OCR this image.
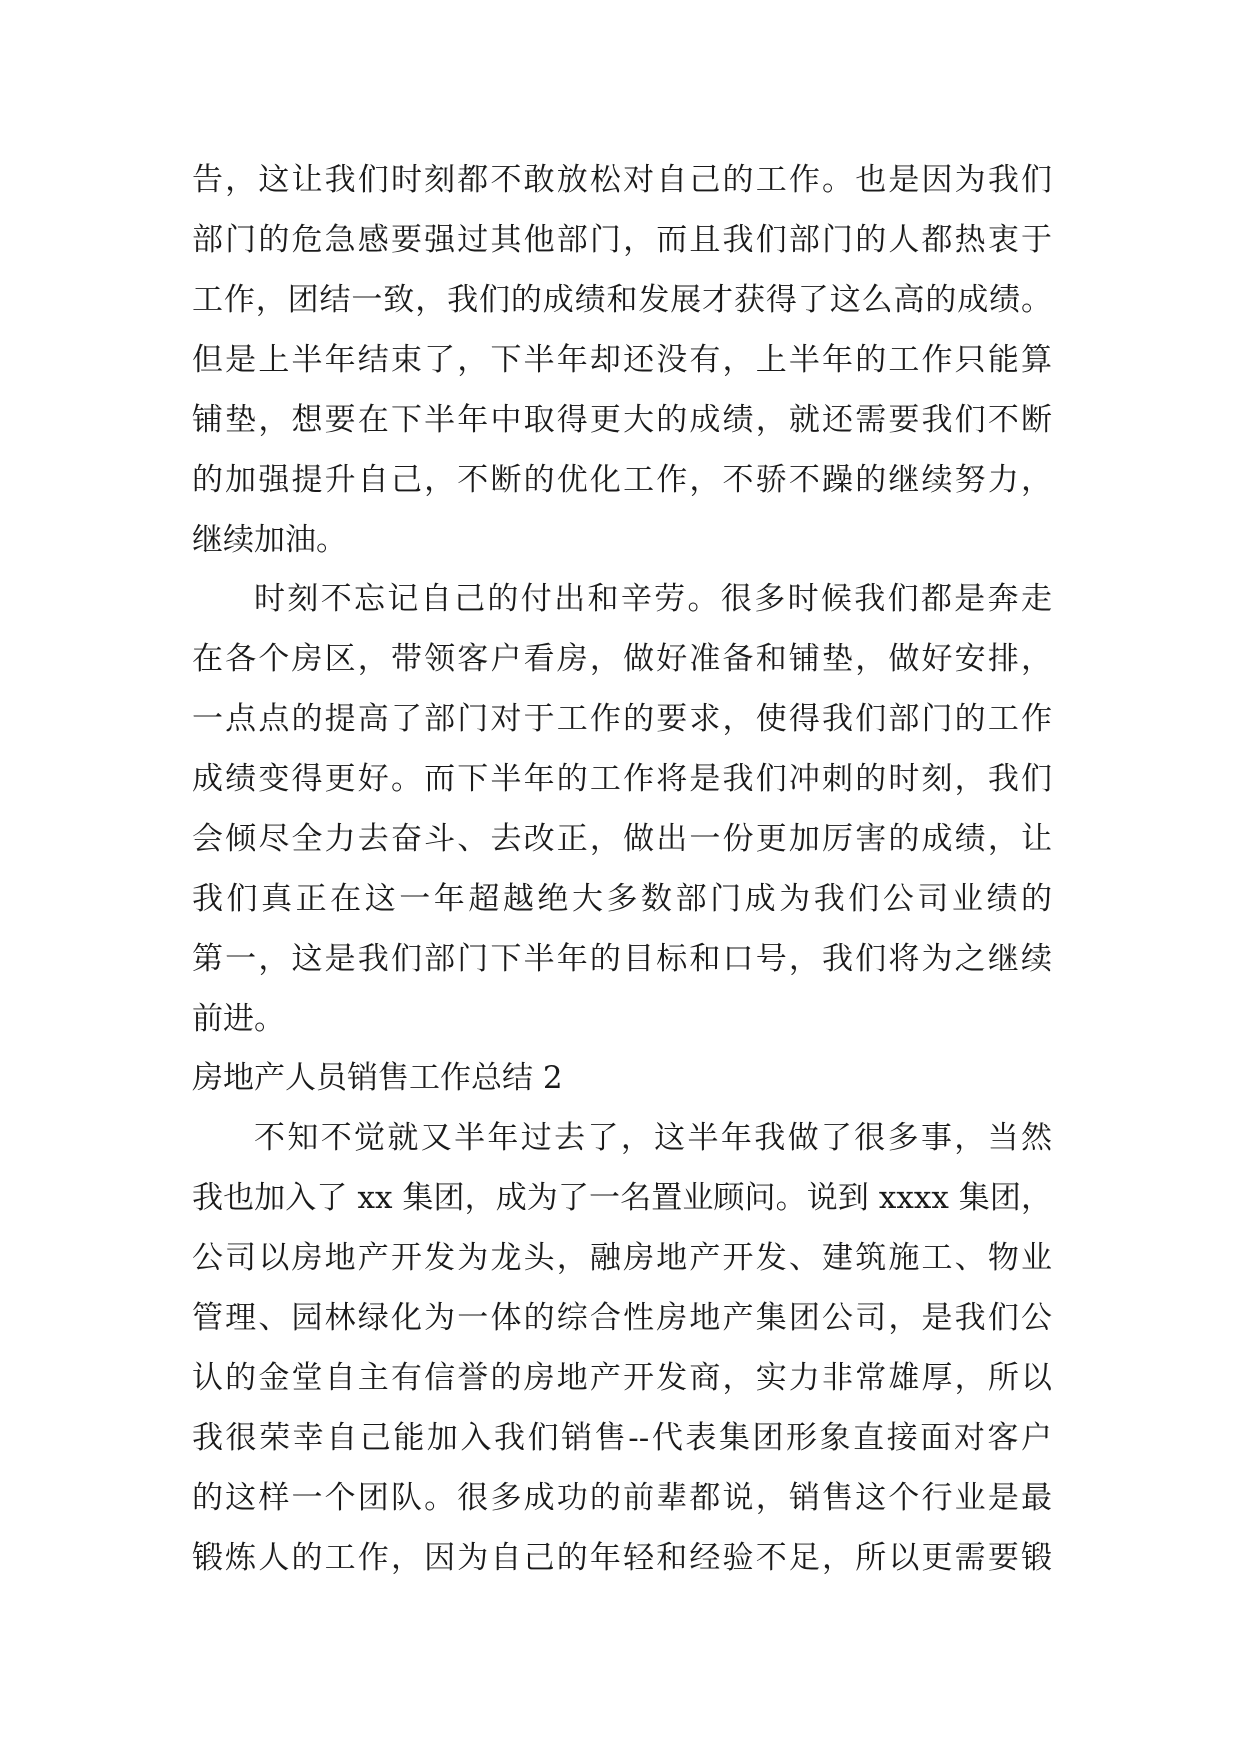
告，这让我们时刻都不敢放松对自己的工作。也是因为我们
部门的危急感要强过其他部门，而且我们部门的人都热衷于
工作，团结一致，我们的成绩和发展才获得了这么高的成绩。
但是上半年结束了，下半年却还没有，上半年的工作只能算
铺垫，想要在下半年中取得更大的成绩，就还需要我们不断
的加强提升自己，不断的优化工作，不骄不躁的继续努力，
继续加油。
时刻不忘记自己的付出和辛劳。很多时候我们都是奔走
在各个房区，带领客户看房，做好准备和铺垫，做好安排，
一点点的提高了部门对于工作的要求，使得我们部门的工作
成绩变得更好。而下半年的工作将是我们冲刺的时刻，我们
会倾尽全力去奋斗、去改正，做出一份更加厉害的成绩，让
我们真正在这一年超越绝大多数部门成为我们公司业绩的
第一，这是我们部门下半年的目标和口号，我们将为之继续
前进。
房地产人员销售工作总结 2
不知不觉就又半年过去了，这半年我做了很多事，当然
我也加入了 xx 集团，成为了一名置业顾问。说到 xxxx 集团，
公司以房地产开发为龙头，融房地产开发、建筑施工、物业
管理、园林绿化为一体的综合性房地产集团公司，是我们公
认的金堂自主有信誉的房地产开发商，实力非常雄厚，所以
我很荣幸自己能加入我们销售--代表集团形象直接面对客户
的这样一个团队。很多成功的前辈都说，销售这个行业是最
锻炼人的工作，因为自己的年轻和经验不足，所以更需要锻
